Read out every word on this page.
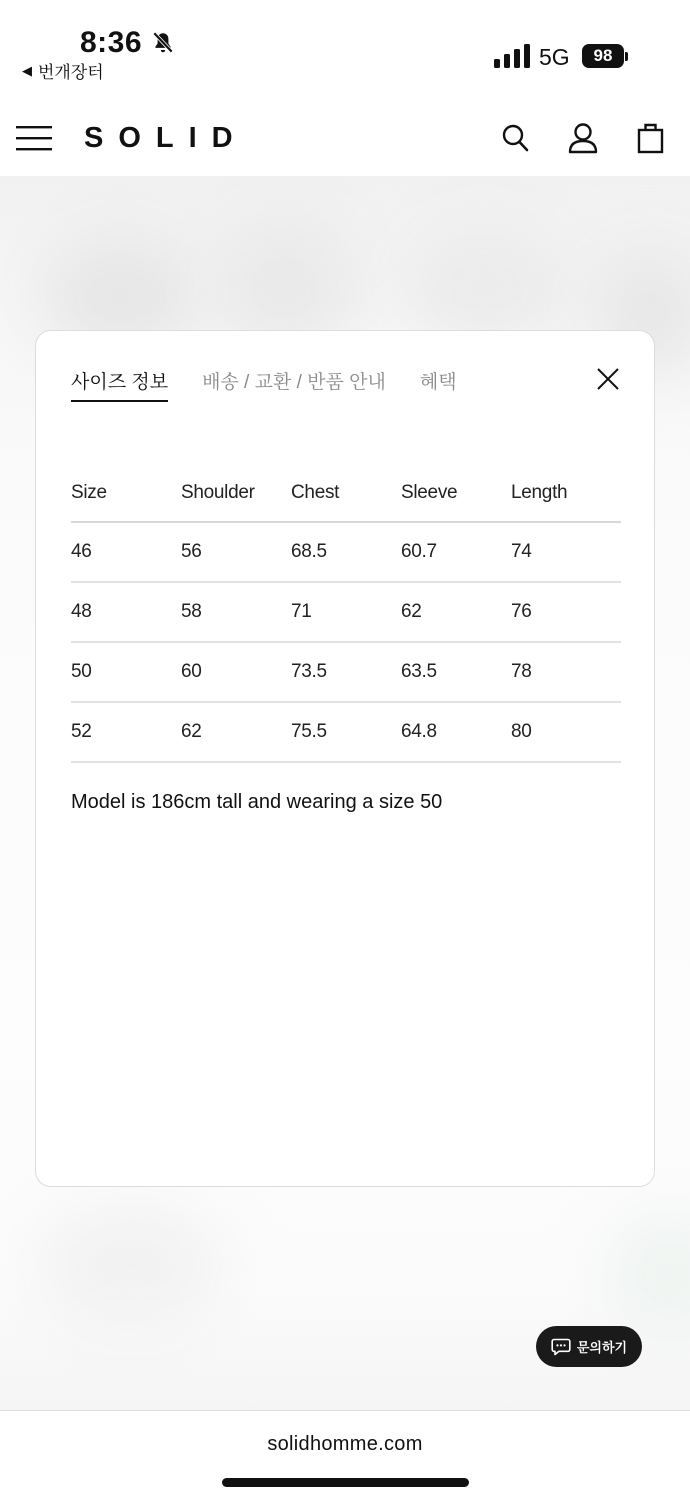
8:36
◀ 번개장터
5G	98
SOLID
사이즈 정보 배송 / 교환 / 반품 안내 혜택
Size	Shoulder	Chest	Sleeve	Length
46	56	68.5	60.7	74
48	58	71	62	76
50	60	73.5	63.5	78
52	62	75.5	64.8	80
Model is 186cm tall and wearing a size 50
문의하기
solidhomme.com
